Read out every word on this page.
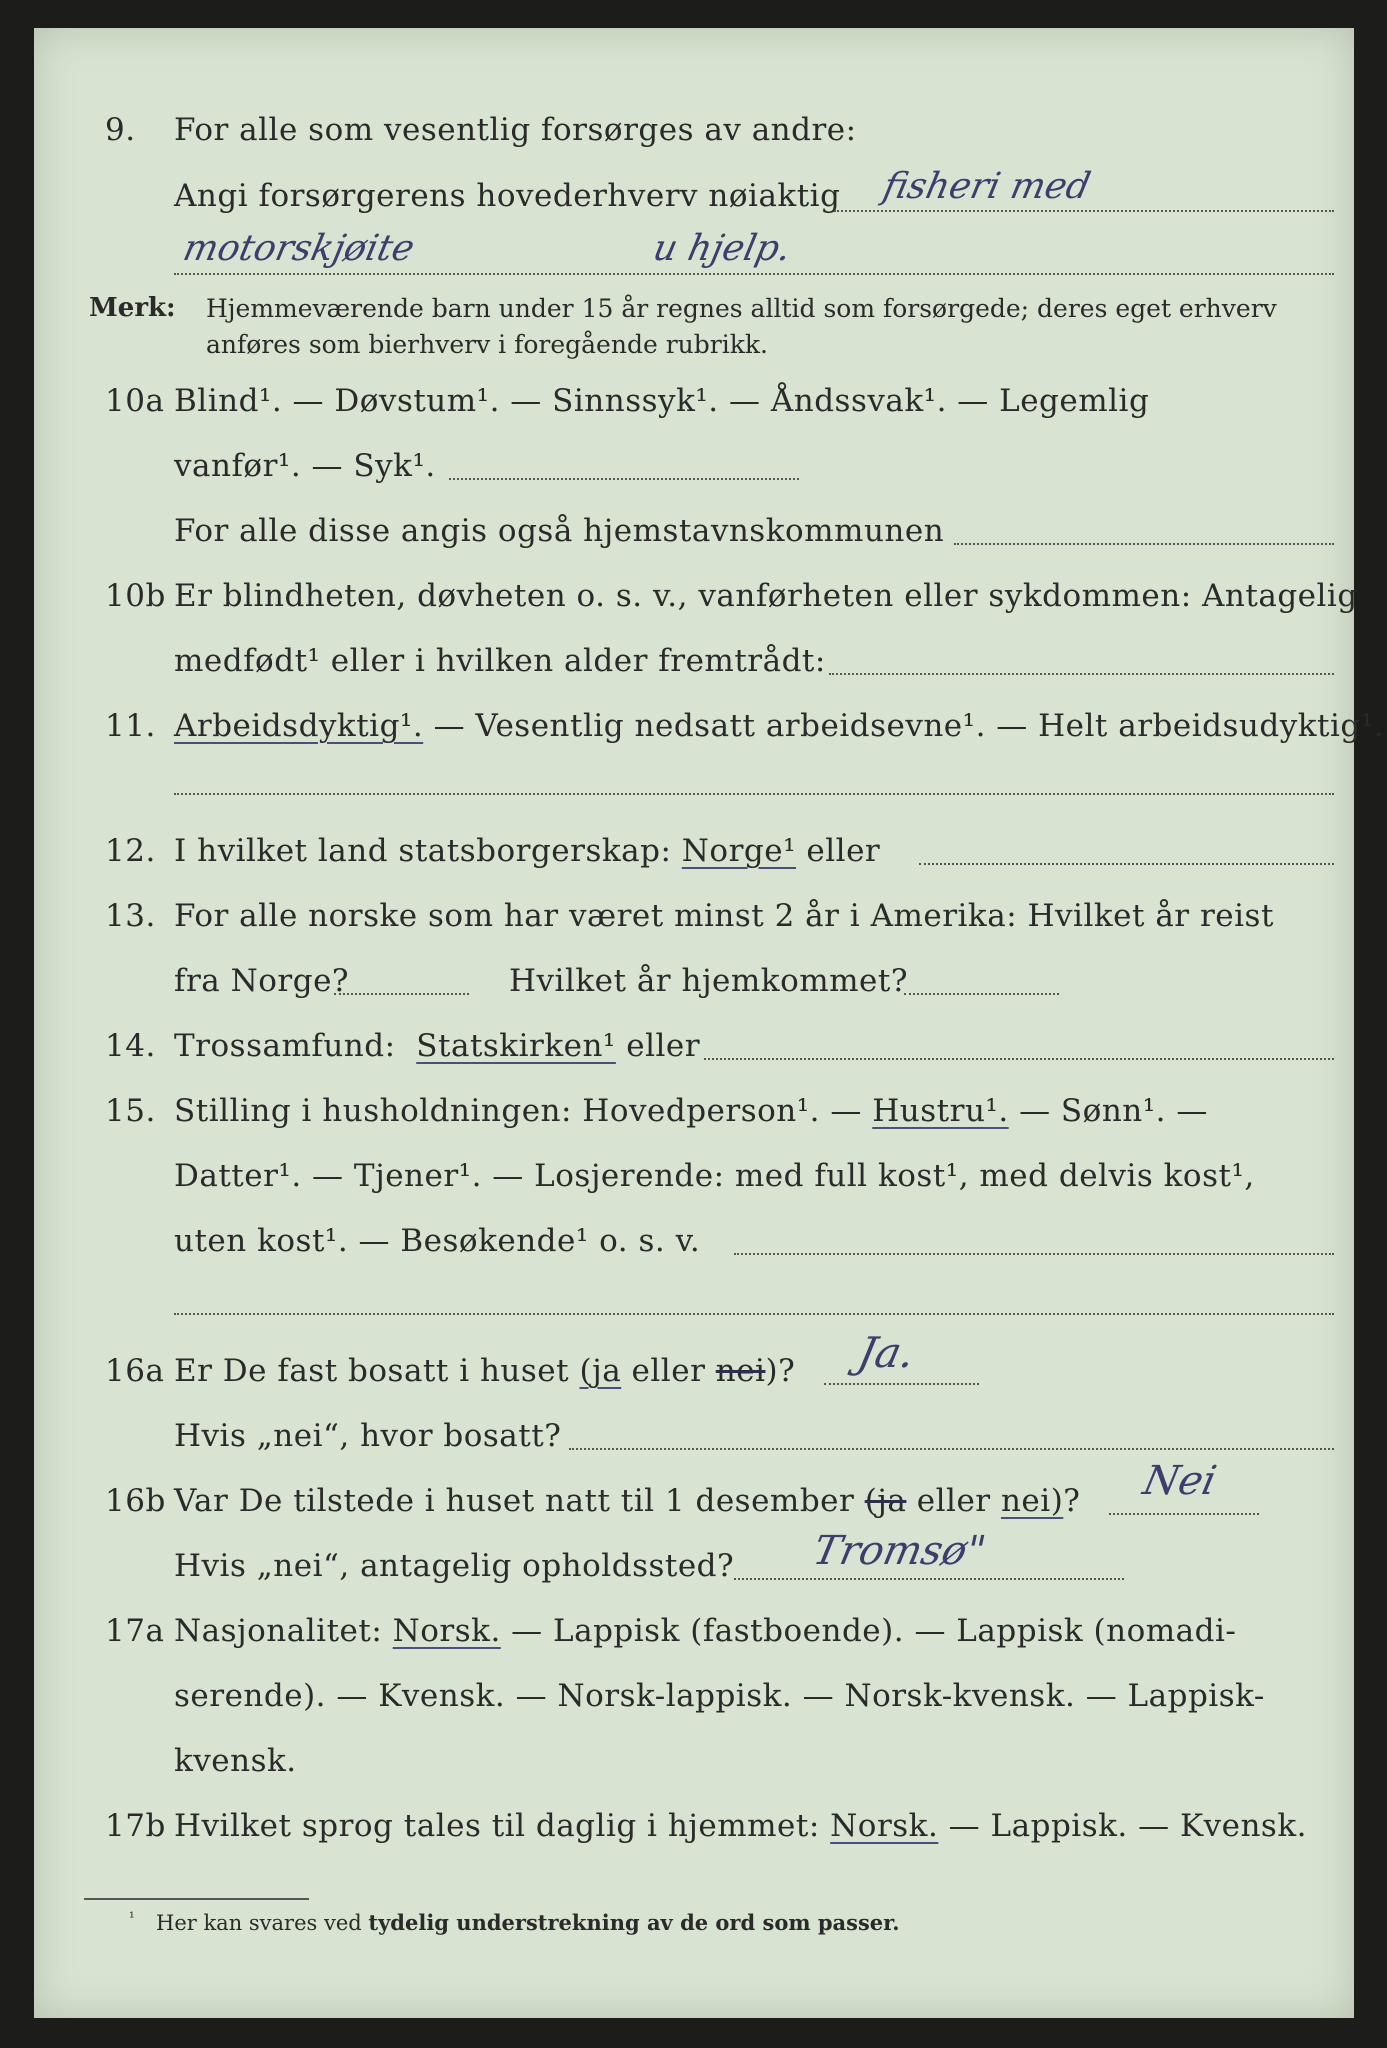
9. For alle som vesentlig forsørges av andre:
Angi forsørgerens hovederhverv nøiaktig fisheri med
motorskjøite	u hjelp.
Merk: Hjemmeværende barn under 15 år regnes alltid som forsørgede; deres eget erhverv
anføres som bierhverv i foregående rubrikk.
10a Blind¹. — Døvstum¹. — Sinnssyk¹. — Åndssvak¹. — Legemlig
vanfør¹. — Syk¹.
For alle disse angis også hjemstavnskommunen
10b Er blindheten, døvheten o. s. v., vanførheten eller sykdommen: Antagelig
medfødt¹ eller i hvilken alder fremtrådt:
11. Arbeidsdyktig¹. — Vesentlig nedsatt arbeidsevne¹. — Helt arbeidsudyktig¹.
12. I hvilket land statsborgerskap: Norge¹ eller
13. For alle norske som har været minst 2 år i Amerika: Hvilket år reist
fra Norge?	Hvilket år hjemkommet?
14. Trossamfund: Statskirken¹ eller
15. Stilling i husholdningen: Hovedperson¹. — Hustru¹. — Sønn¹. —
Datter¹. — Tjener¹. — Losjerende: med full kost¹, med delvis kost¹,
uten kost¹. — Besøkende¹ o. s. v.
16a Er De fast bosatt i huset (ja eller nei)? Ja.
Hvis „nei“, hvor bosatt?
16b Var De tilstede i huset natt til 1 desember (ja eller nei)? Nei
Hvis „nei“, antagelig opholdssted? Tromsø"
17a Nasjonalitet: Norsk. — Lappisk (fastboende). — Lappisk (nomadi-
serende). — Kvensk. — Norsk-lappisk. — Norsk-kvensk. — Lappisk-
kvensk.
17b Hvilket sprog tales til daglig i hjemmet: Norsk. — Lappisk. — Kvensk.
¹ Her kan svares ved tydelig understrekning av de ord som passer.
